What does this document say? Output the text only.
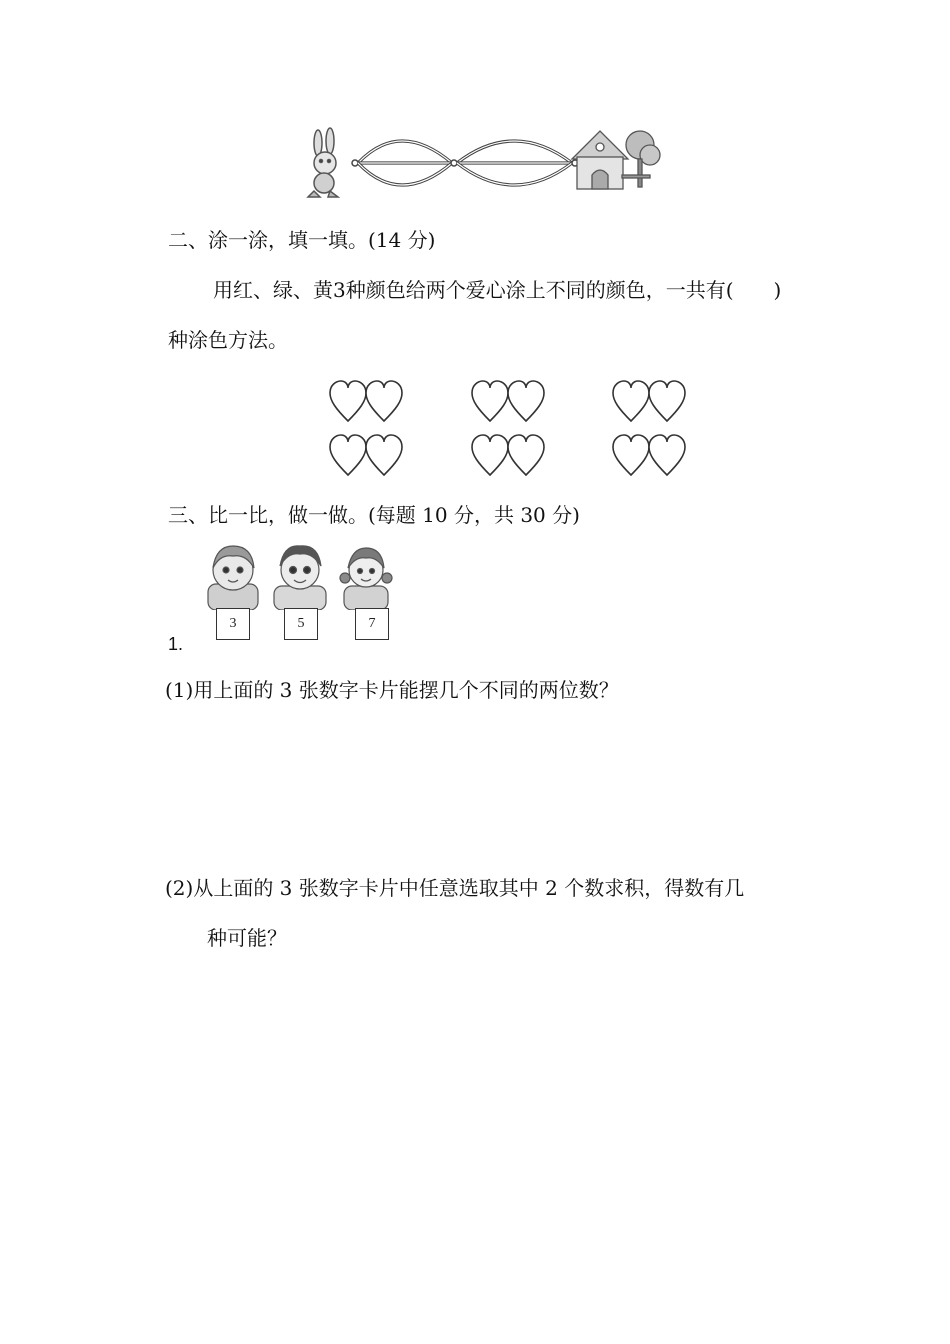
二、涂一涂，填一填。(14 分)
用红、绿、黄3种颜色给两个爱心涂上不同的颜色，一共有(　　)
种涂色方法。
三、比一比，做一做。(每题 10 分，共 30 分)
3	5	7
1.
(1)用上面的 3 张数字卡片能摆几个不同的两位数？
(2)从上面的 3 张数字卡片中任意选取其中 2 个数求积，得数有几
种可能？
